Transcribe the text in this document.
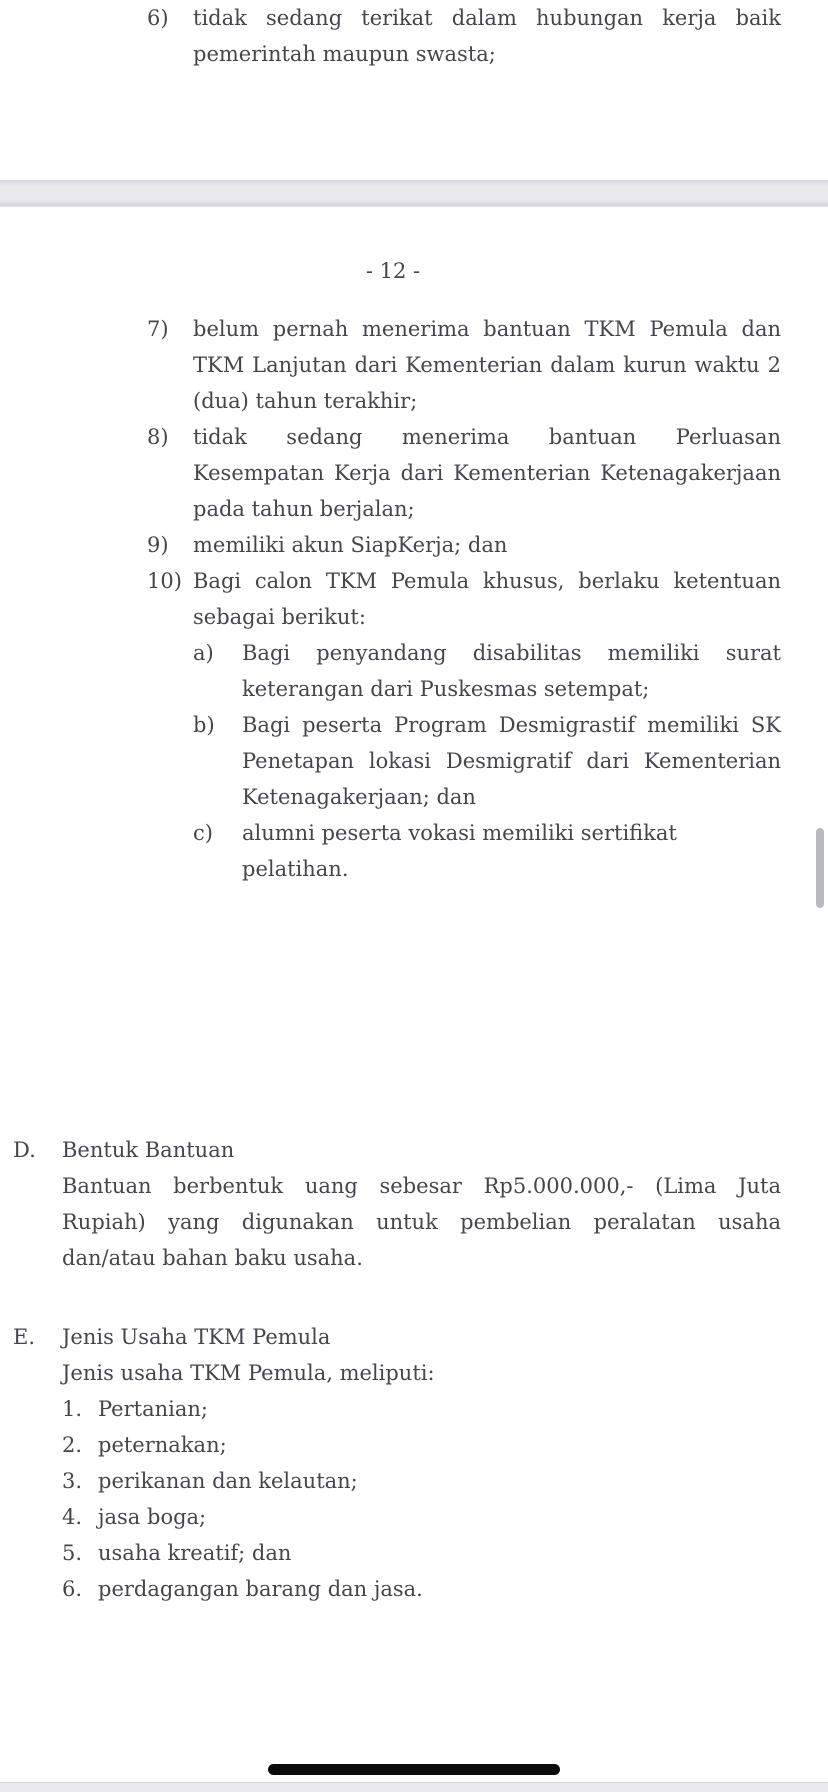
6)	tidak sedang terikat dalam hubungan kerja baik pemerintah maupun swasta;
- 12 -
7)	belum pernah menerima bantuan TKM Pemula dan TKM Lanjutan dari Kementerian dalam kurun waktu 2 (dua) tahun terakhir;
8)	tidak sedang menerima bantuan Perluasan Kesempatan Kerja dari Kementerian Ketenagakerjaan pada tahun berjalan;
9)	memiliki akun SiapKerja; dan
10) Bagi calon TKM Pemula khusus, berlaku ketentuan sebagai berikut:
a)	Bagi penyandang disabilitas memiliki surat keterangan dari Puskesmas setempat;
b)	Bagi peserta Program Desmigrastif memiliki SK Penetapan lokasi Desmigratif dari Kementerian Ketenagakerjaan; dan
c)	alumni peserta vokasi memiliki sertifikat pelatihan.
D.	Bentuk Bantuan
Bantuan berbentuk uang sebesar Rp5.000.000,- (Lima Juta Rupiah) yang digunakan untuk pembelian peralatan usaha dan/atau bahan baku usaha.
E.	Jenis Usaha TKM Pemula
Jenis usaha TKM Pemula, meliputi:
1. Pertanian;
2. peternakan;
3. perikanan dan kelautan;
4. jasa boga;
5. usaha kreatif; dan
6. perdagangan barang dan jasa.
